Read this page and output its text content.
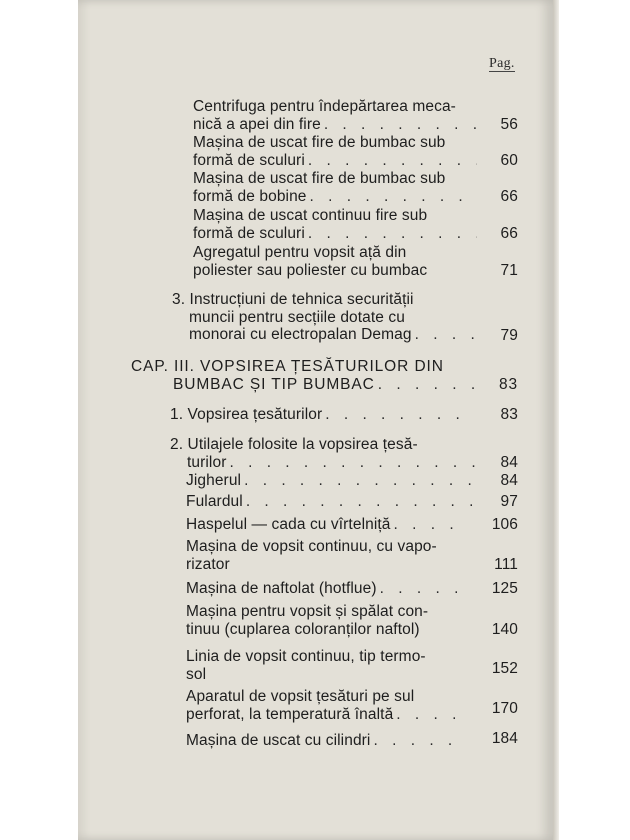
Pag.
Centrifuga pentru îndepărtarea meca-
nică a apei din fire . . .	56
Mașina de uscat fire de bumbac sub
formă de sculuri . . .	60
Mașina de uscat fire de bumbac sub
formă de bobine . . .	66
Mașina de uscat continuu fire sub
formă de sculuri . . .	66
Agregatul pentru vopsit ață din
poliester sau poliester cu bumbac	71
3. Instrucțiuni de tehnica securității
muncii pentru secțiile dotate cu
monorai cu electropalan Demag . . .	79
CAP. III. VOPSIREA ȚESĂTURILOR DIN
BUMBAC ȘI TIP BUMBAC . . .	83
1. Vopsirea țesăturilor . . .	83
2. Utilajele folosite la vopsirea țesă-
turilor . . .	84
Jigherul . . .	84
Fulardul . . .	97
Haspelul — cada cu vîrtelniță . . .	106
Mașina de vopsit continuu, cu vapo-
rizator	111
Mașina de naftolat (hotflue) . . .	125
Mașina pentru vopsit și spălat con-
tinuu (cuplarea coloranților naftol)	140
Linia de vopsit continuu, tip termo-
sol	152
Aparatul de vopsit țesături pe sul
perforat, la temperatură înaltă . . .	170
Mașina de uscat cu cilindri . . .	184
